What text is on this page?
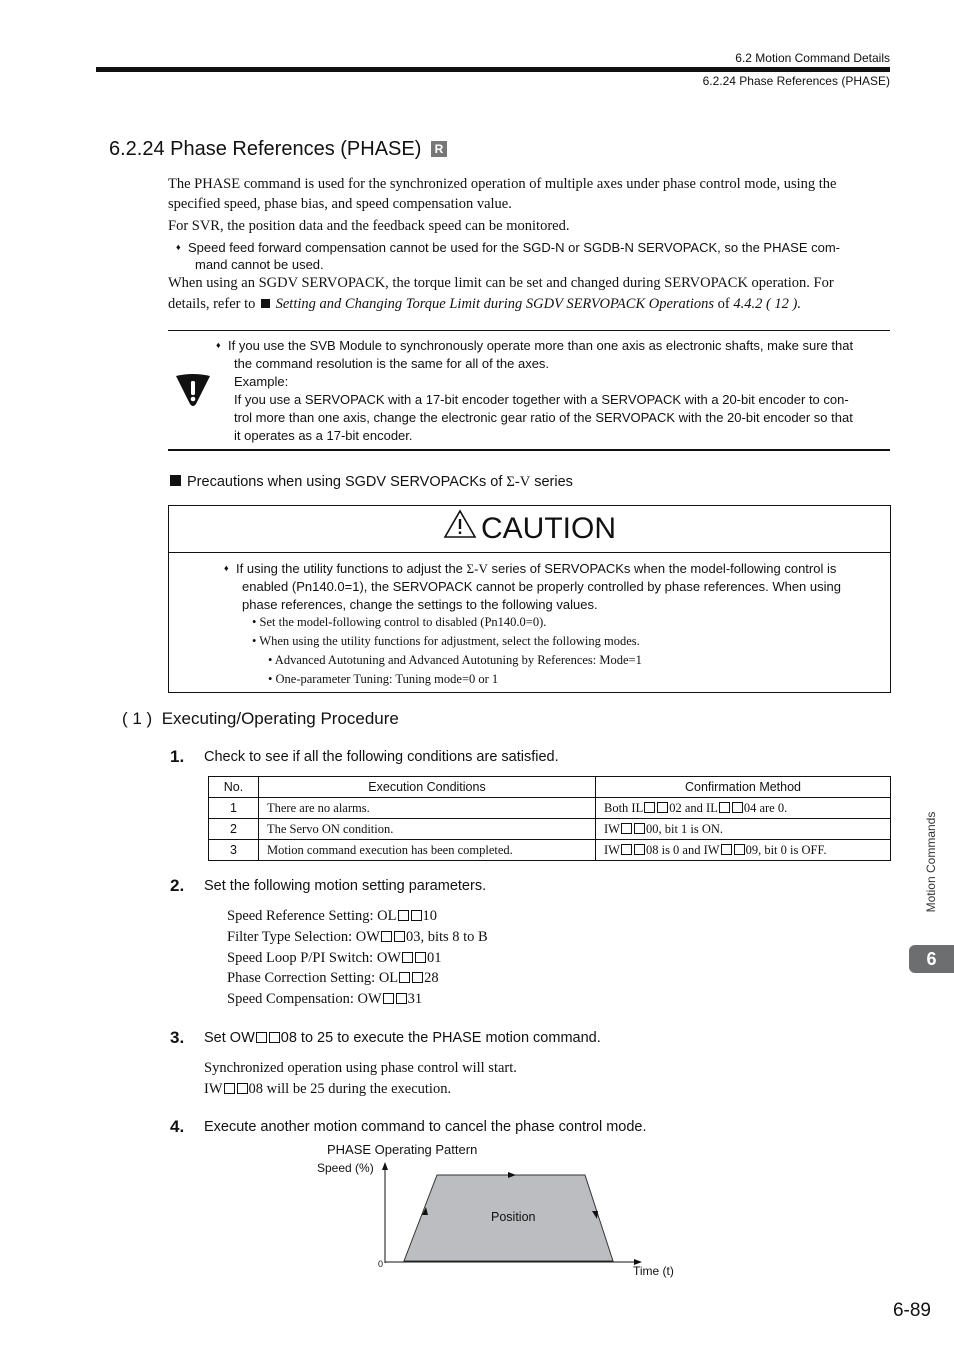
6.2 Motion Command Details
6.2.24 Phase References (PHASE)
6.2.24 Phase References (PHASE) R
The PHASE command is used for the synchronized operation of multiple axes under phase control mode, using the
specified speed, phase bias, and speed compensation value.
For SVR, the position data and the feedback speed can be monitored.
♦ Speed feed forward compensation cannot be used for the SGD-N or SGDB-N SERVOPACK, so the PHASE com-
mand cannot be used.
When using an SGDV SERVOPACK, the torque limit can be set and changed during SERVOPACK operation. For
details, refer to Setting and Changing Torque Limit during SGDV SERVOPACK Operations of 4.4.2 ( 12 ).
♦ If you use the SVB Module to synchronously operate more than one axis as electronic shafts, make sure that
the command resolution is the same for all of the axes.
Example:
If you use a SERVOPACK with a 17-bit encoder together with a SERVOPACK with a 20-bit encoder to con-
trol more than one axis, change the electronic gear ratio of the SERVOPACK with the 20-bit encoder so that
it operates as a 17-bit encoder.
Precautions when using SGDV SERVOPACKs of Σ-V series
CAUTION
♦ If using the utility functions to adjust the Σ-V series of SERVOPACKs when the model-following control is
enabled (Pn140.0=1), the SERVOPACK cannot be properly controlled by phase references. When using
phase references, change the settings to the following values.
• Set the model-following control to disabled (Pn140.0=0).
• When using the utility functions for adjustment, select the following modes.
• Advanced Autotuning and Advanced Autotuning by References: Mode=1
• One-parameter Tuning: Tuning mode=0 or 1
( 1 ) Executing/Operating Procedure
1. Check to see if all the following conditions are satisfied.
No.	Execution Conditions	Confirmation Method
1	There are no alarms.	Both IL 02 and IL 04 are 0.
2	The Servo ON condition.	IW 00, bit 1 is ON.
3	Motion command execution has been completed.	IW 08 is 0 and IW 09, bit 0 is OFF.
2. Set the following motion setting parameters.
Speed Reference Setting: OL 10
Filter Type Selection: OW 03, bits 8 to B
Speed Loop P/PI Switch: OW 01
Phase Correction Setting: OL 28
Speed Compensation: OW 31
3. Set OW 08 to 25 to execute the PHASE motion command.
Synchronized operation using phase control will start.
IW 08 will be 25 during the execution.
4. Execute another motion command to cancel the phase control mode.
PHASE Operating Pattern
Speed (%)
0	Time (t)
Position
Motion Commands
6
6-89
